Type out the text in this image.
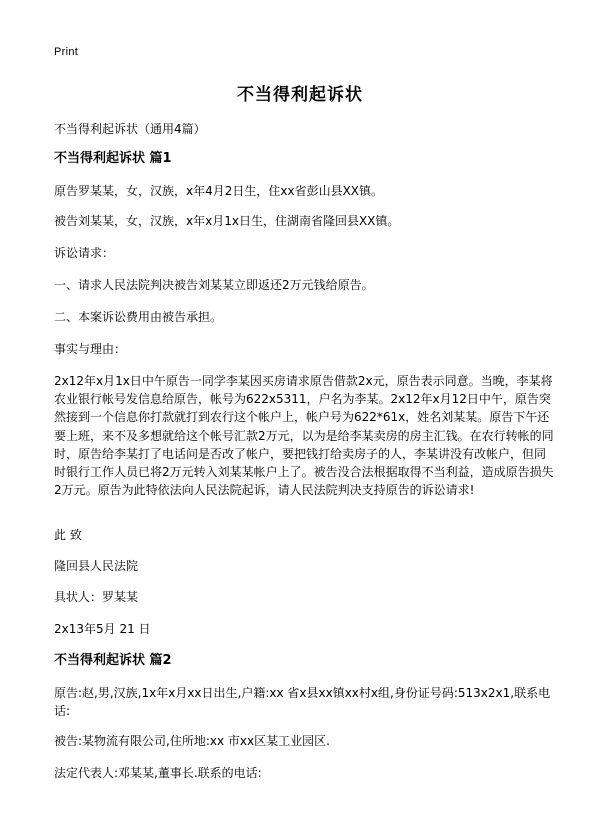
Print
不当得利起诉状
不当得利起诉状（通用4篇）
不当得利起诉状 篇1
原告罗某某，女，汉族，x年4月2日生，住xx省彭山县XX镇。
被告刘某某，女，汉族，x年x月1x日生，住湖南省隆回县XX镇。
诉讼请求：
一、请求人民法院判决被告刘某某立即返还2万元钱给原告。
二、本案诉讼费用由被告承担。
事实与理由：
2x12年x月1x日中午原告一同学李某因买房请求原告借款2x元，原告表示同意。当晚，李某将农业银行帐号发信息给原告，帐号为622x5311，户名为李某。2x12年x月12日中午，原告突然接到一个信息你打款就打到农行这个帐户上，帐户号为622*61x，姓名刘某某。原告下午还要上班，来不及多想就给这个帐号汇款2万元，以为是给李某卖房的房主汇钱。在农行转帐的同时，原告给李某打了电话问是否改了帐户，要把钱打给卖房子的人，李某讲没有改帐户，但同时银行工作人员已将2万元转入刘某某帐户上了。被告没合法根据取得不当利益，造成原告损失2万元。原告为此特依法向人民法院起诉，请人民法院判决支持原告的诉讼请求!
此 致
隆回县人民法院
具状人：罗某某
2x13年5月 21 日
不当得利起诉状 篇2
原告:赵,男,汉族,1x年x月xx日出生,户籍:xx 省x县xx镇xx村x组,身份证号码:513x2x1,联系电话:
被告:某物流有限公司,住所地:xx 市xx区某工业园区.
法定代表人:邓某某,董事长.联系的电话:
